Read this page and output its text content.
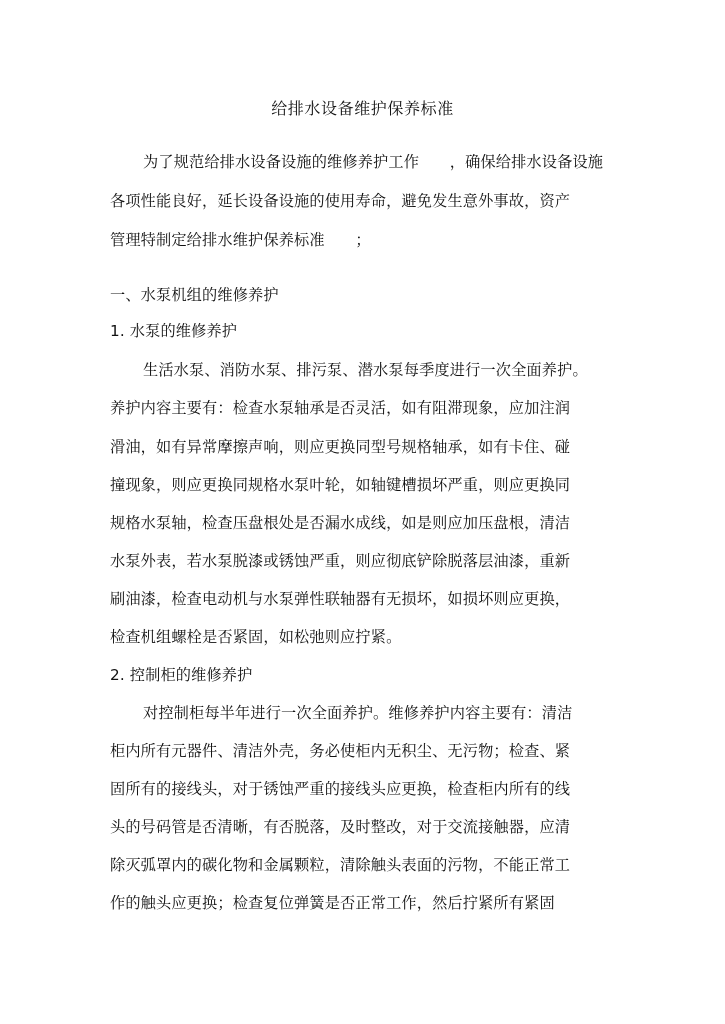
给排水设备维护保养标准
为了规范给排水设备设施的维修养护工作　　，确保给排水设备设施
各项性能良好，延长设备设施的使用寿命，避免发生意外事故，资产
管理特制定给排水维护保养标准　　；
一、水泵机组的维修养护
1. 水泵的维修养护
生活水泵、消防水泵、排污泵、潜水泵每季度进行一次全面养护。
养护内容主要有：检查水泵轴承是否灵活，如有阻滞现象，应加注润
滑油，如有异常摩擦声响，则应更换同型号规格轴承，如有卡住、碰
撞现象，则应更换同规格水泵叶轮，如轴键槽损坏严重，则应更换同
规格水泵轴，检查压盘根处是否漏水成线，如是则应加压盘根，清洁
水泵外表，若水泵脱漆或锈蚀严重，则应彻底铲除脱落层油漆，重新
刷油漆，检查电动机与水泵弹性联轴器有无损坏，如损坏则应更换，
检查机组螺栓是否紧固，如松弛则应拧紧。
2. 控制柜的维修养护
对控制柜每半年进行一次全面养护。维修养护内容主要有：清洁
柜内所有元器件、清洁外壳，务必使柜内无积尘、无污物；检查、紧
固所有的接线头，对于锈蚀严重的接线头应更换，检查柜内所有的线
头的号码管是否清晰，有否脱落，及时整改，对于交流接触器，应清
除灭弧罩内的碳化物和金属颗粒，清除触头表面的污物，不能正常工
作的触头应更换；检查复位弹簧是否正常工作，然后拧紧所有紧固
